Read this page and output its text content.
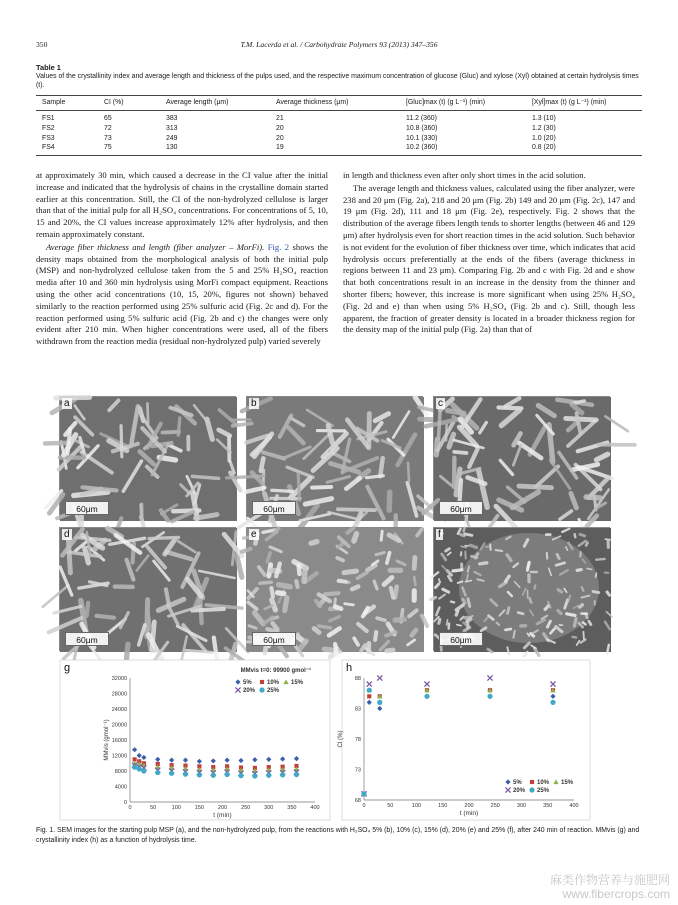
T.M. Lacerda et al. / Carbohydrate Polymers 93 (2013) 347–356
350
Table 1
Values of the crystallinity index and average length and thickness of the pulps used, and the respective maximum concentration of glucose (Gluc) and xylose (Xyl) obtained at certain hydrolysis times (t).
Sample	CI (%)	Average length (μm)	Average thickness (μm)	[Gluc]max (t) (g L⁻¹) (min)	[Xyl]max (t) (g L⁻¹) (min)
FS1	65	383	21	11.2 (360)	1.3 (10)
FS2	72	313	20	10.8 (360)	1.2 (30)
FS3	73	249	20	10.1 (330)	1.0 (20)
FS4	75	130	19	10.2 (360)	0.8 (20)

at approximately 30 min, which caused a decrease in the CI value after the initial increase and indicated that the hydrolysis of chains in the crystalline domain started earlier at this concentration. Still, the CI of the non-hydrolyzed cellulose is larger than that of the initial pulp for all H₂SO₄ concentrations. For concentrations of 5, 10, 15 and 20%, the CI values increase approximately 12% after hydrolysis, and then remain approximately constant.

Average fiber thickness and length (fiber analyzer – MorFi). Fig. 2 shows the density maps obtained from the morphological analysis of both the initial pulp (MSP) and non-hydrolyzed cellulose taken from the 5 and 25% H₂SO₄ reaction media after 10 and 360 min hydrolysis using MorFi compact equipment. Reactions using the other acid concentrations (10, 15, 20%, figures not shown) behaved similarly to the reaction performed using 25% sulfuric acid (Fig. 2c and d). For the reaction performed using 5% sulfuric acid (Fig. 2b and c) the changes were only evident after 210 min. When higher concentrations were used, all of the fibers withdrawn from the reaction media (residual non-hydrolyzed pulp) varied severely

in length and thickness even after only short times in the acid solution.

The average length and thickness values, calculated using the fiber analyzer, were 238 and 20 μm (Fig. 2a), 218 and 20 μm (Fig. 2b) 149 and 20 μm (Fig. 2c), 147 and 19 μm (Fig. 2d), 111 and 18 μm (Fig. 2e), respectively. Fig. 2 shows that the distribution of the average fibers length tends to shorter lengths (between 46 and 129 μm) after hydrolysis even for short reaction times in the acid solution. Such behavior is not evident for the evolution of fiber thickness over time, which indicates that acid hydrolysis occurs preferentially at the ends of the fibers (average thickness in regions between 11 and 23 μm). Comparing Fig. 2b and c with Fig. 2d and e show that both concentrations result in an increase in the density from the thinner and shorter fibers; however, this increase is more significant when using 25% H₂SO₄ (Fig. 2d and e) than when using 5% H₂SO₄ (Fig. 2b and c). Still, though less apparent, the fraction of greater density is located in a broader thickness region for the density map of the initial pulp (Fig. 2a) than that of

a
60μm
b
60μm
c
60μm
d
60μm
e
60μm
f
60μm
0	50	100	150	200	250	300	350	400
0
4000
8000
12000
16000
20000
24000
28000
32000
t (min)
MMvis (gmol⁻¹)
g	MMvis t=0: 99900 gmol⁻¹
5%	10% 15%
20% 25%
0	50	100	150	200	250	300	350	400
68
73
78
83
88
t (min)
CI (%)
h
5%	10% 15%
20% 25%
Fig. 1. SEM images for the starting pulp MSP (a), and the non-hydrolyzed pulp, from the reactions with H₂SO₄ 5% (b), 10% (c), 15% (d), 20% (e) and 25% (f), after 240 min of reaction. MMvis (g) and crystallinity index (h) as a function of hydrolysis time.
麻类作物营养与施肥网
www.fibercrops.com
